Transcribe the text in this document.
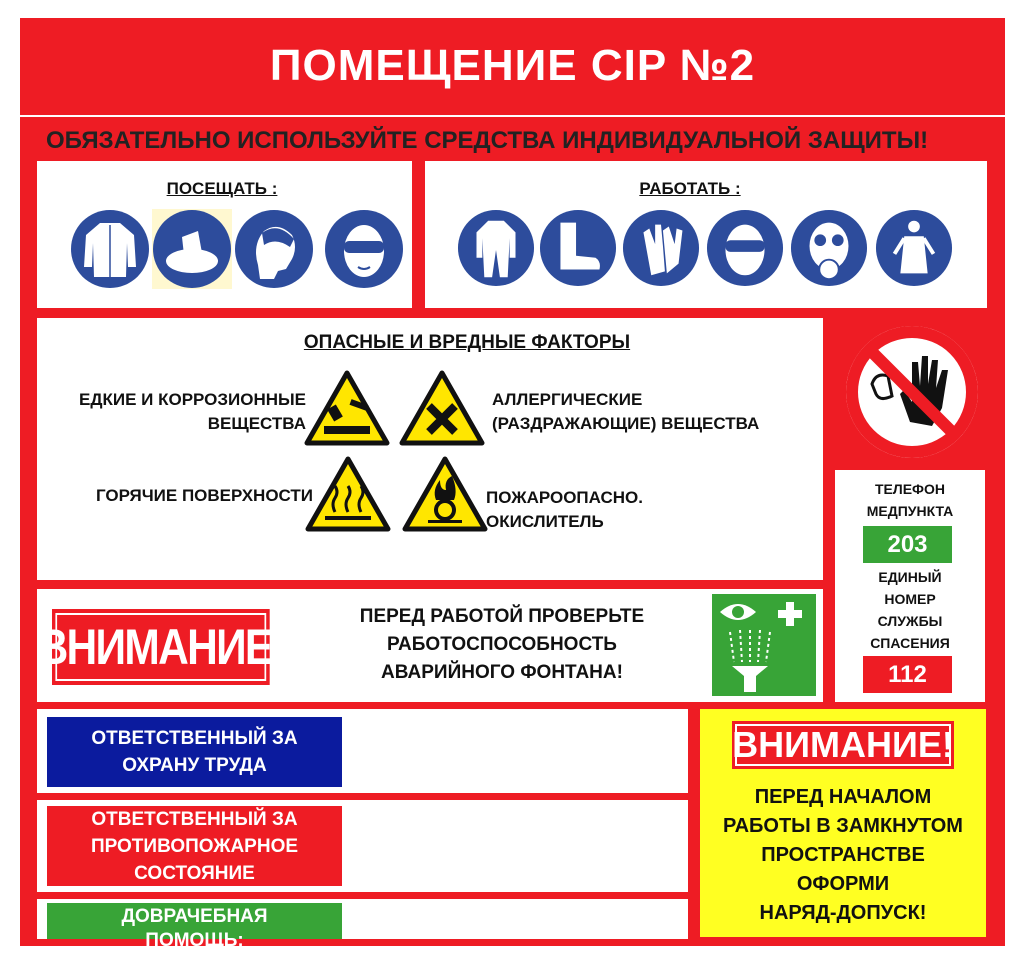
ПОМЕЩЕНИЕ CIP №2
ПОСЕЩАТЬ :
ОБЯЗАТЕЛЬНО ИСПОЛЬЗУЙТЕ СРЕДСТВА ИНДИВИДУАЛЬНОЙ ЗАЩИТЫ!
РАБОТАТЬ :
ОПАСНЫЕ И ВРЕДНЫЕ ФАКТОРЫ
ЕДКИЕ И КОРРОЗИОННЫЕ
ВЕЩЕСТВА
АЛЛЕРГИЧЕСКИЕ
(РАЗДРАЖАЮЩИЕ) ВЕЩЕСТВА
ГОРЯЧИЕ ПОВЕРХНОСТИ	ПОЖАРООПАСНО.
ОКИСЛИТЕЛЬ
ТЕЛЕФОН
МЕДПУНКТА
203
ЕДИНЫЙ
НОМЕР
СЛУЖБЫ
СПАСЕНИЯ
112
ВНИМАНИЕ!
ПЕРЕД РАБОТОЙ ПРОВЕРЬТЕ
РАБОТОСПОСОБНОСТЬ
АВАРИЙНОГО ФОНТАНА!
ОТВЕТСТВЕННЫЙ ЗА
ОХРАНУ ТРУДА
ОТВЕТСТВЕННЫЙ ЗА
ПРОТИВОПОЖАРНОЕ
СОСТОЯНИЕ
ДОВРАЧЕБНАЯ
ПОМОЩЬ:
ВНИМАНИЕ!
ПЕРЕД НАЧАЛОМ
РАБОТЫ В ЗАМКНУТОМ
ПРОСТРАНСТВЕ
ОФОРМИ
НАРЯД-ДОПУСК!
